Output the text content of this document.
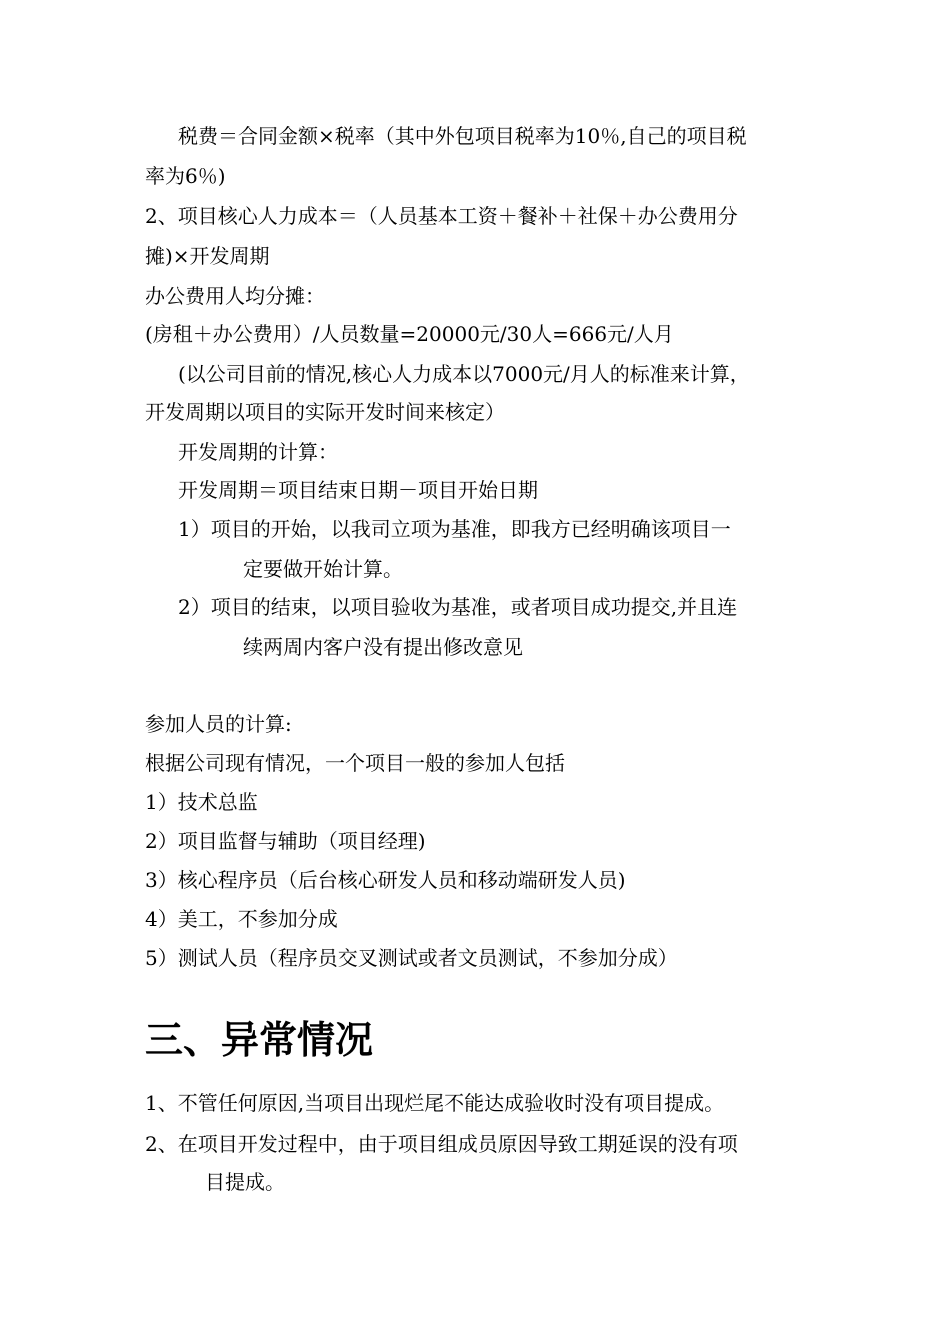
税费＝合同金额×税率（其中外包项目税率为10％,自己的项目税
率为6％)
2、项目核心人力成本＝（人员基本工资＋餐补＋社保＋办公费用分
摊)×开发周期
办公费用人均分摊：
(房租＋办公费用）/人员数量=20000元/30人=666元/人月
(以公司目前的情况,核心人力成本以7000元/月人的标准来计算，
开发周期以项目的实际开发时间来核定）
开发周期的计算：
开发周期＝项目结束日期－项目开始日期
1）项目的开始，以我司立项为基准，即我方已经明确该项目一
定要做开始计算。
2）项目的结束，以项目验收为基准，或者项目成功提交,并且连
续两周内客户没有提出修改意见
参加人员的计算:
根据公司现有情况，一个项目一般的参加人包括
1）技术总监
2）项目监督与辅助（项目经理)
3）核心程序员（后台核心研发人员和移动端研发人员)
4）美工，不参加分成
5）测试人员（程序员交叉测试或者文员测试，不参加分成）
三、异常情况
1、不管任何原因,当项目出现烂尾不能达成验收时没有项目提成。
2、在项目开发过程中，由于项目组成员原因导致工期延误的没有项
目提成。
